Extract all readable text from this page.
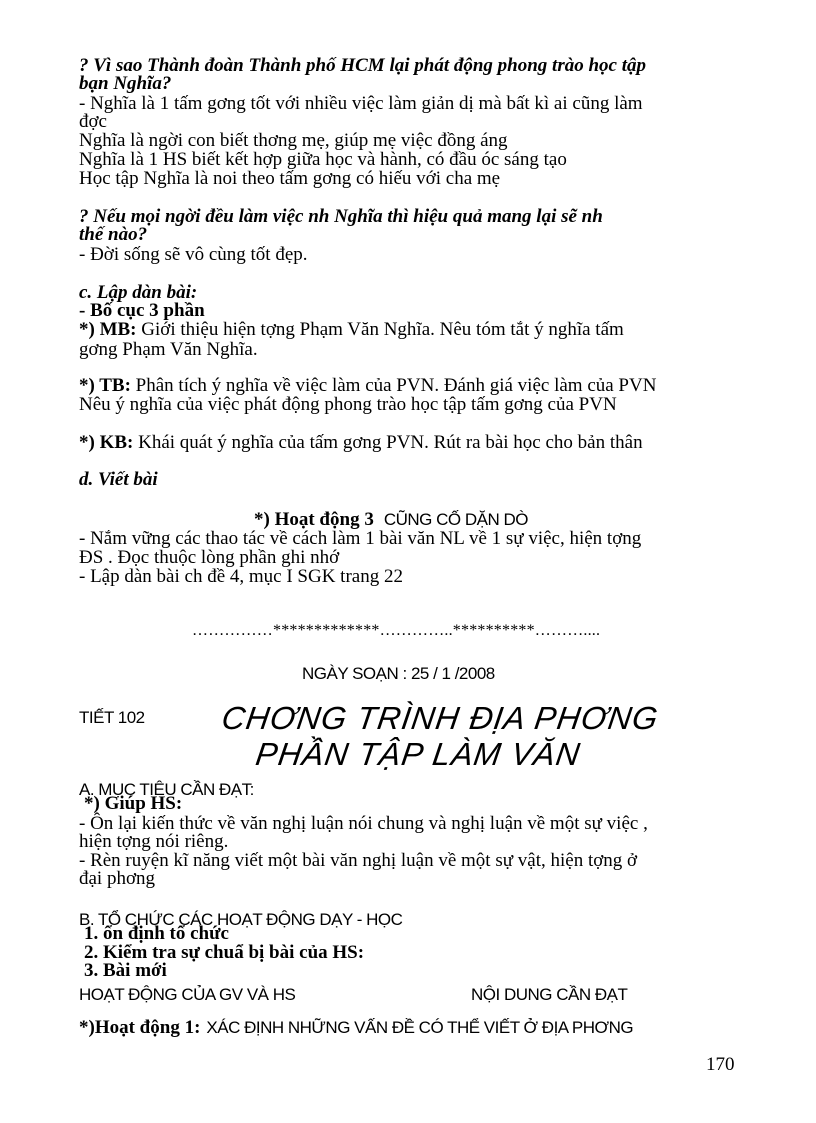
? Vì sao Thành đoàn Thành phố HCM lại phát động phong trào học tập
bạn Nghĩa?
- Nghĩa là 1 tấm gơng tốt với nhiều việc làm giản dị mà bất kì ai cũng làm
đợc
Nghĩa là ngời con biết thơng mẹ, giúp mẹ việc đồng áng
Nghĩa là 1 HS biết kết hợp giữa học và hành, có đầu óc sáng tạo
Học tập Nghĩa là noi theo tấm gơng có hiếu với cha mẹ
? Nếu mọi ngời đều làm việc nh Nghĩa thì hiệu quả mang lại sẽ nh
thế nào?
- Đời sống sẽ vô cùng tốt đẹp.
c. Lập dàn bài:
- Bố cục 3 phần
*) MB: Giới thiệu hiện tợng Phạm Văn Nghĩa. Nêu tóm tắt ý nghĩa tấm
gơng Phạm Văn Nghĩa.
*) TB: Phân tích ý nghĩa về việc làm của PVN. Đánh giá việc làm của PVN
Nêu ý nghĩa của việc phát động phong trào học tập tấm gơng của PVN
*) KB: Khái quát ý nghĩa của tấm gơng PVN. Rút ra bài học cho bản thân
d. Viết bài
*) Hoạt động 3 CŨNG CỐ DẶN DÒ
- Nắm vững các thao tác về cách làm 1 bài văn NL về 1 sự việc, hiện tợng
ĐS . Đọc thuộc lòng phần ghi nhớ
- Lập dàn bài ch đề 4, mục I SGK trang 22
……………*************…………..**********………....
NGÀY SOẠN : 25 / 1 /2008
TIẾT 102 CHƠNG TRÌNH ĐỊA PHƠNG
PHẦN TẬP LÀM VĂN
A. MỤC TIÊU CẦN ĐẠT:
*) Giúp HS:
- Ôn lại kiến thức về văn nghị luận nói chung và nghị luận về một sự việc ,
hiện tợng nói riêng.
- Rèn ruyện kĩ năng viết một bài văn nghị luận về một sự vật, hiện tợng ở
đại phơng
B. TỔ CHỨC CÁC HOẠT ĐỘNG DẠY - HỌC
1. ổn định tổ chức
2. Kiểm tra sự chuẩ bị bài của HS:
3. Bài mới
HOẠT ĐỘNG CỦA GV VÀ HS	NỘI DUNG CẦN ĐẠT
*)Hoạt động 1: XÁC ĐỊNH NHỮNG VẤN ĐỀ CÓ THỂ VIẾT Ở ĐỊA PHƠNG
170
